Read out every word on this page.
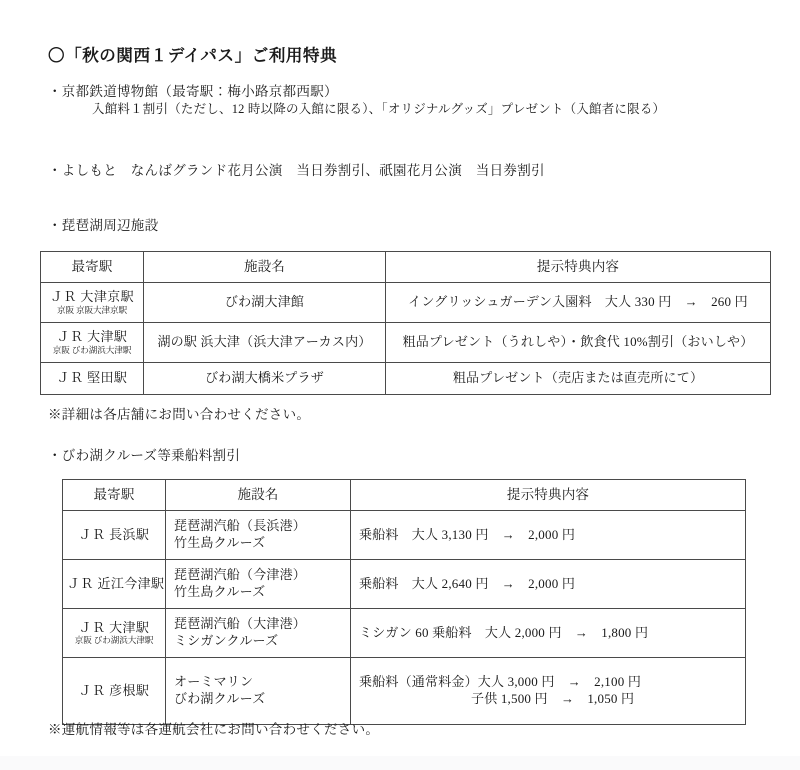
〇「秋の関西１デイパス」ご利用特典
・京都鉄道博物館（最寄駅：梅小路京都西駅）
入館料１割引（ただし、12 時以降の入館に限る）、「オリジナルグッズ」プレゼント（入館者に限る）
・よしもと　なんばグランド花月公演　当日券割引、祇園花月公演　当日券割引
・琵琶湖周辺施設
最寄駅	施設名	提示特典内容

ＪＲ 大津京駅
京阪 京阪大津京駅	びわ湖大津館	イングリッシュガーデン入園料　大人 330 円　→　260 円

ＪＲ 大津駅
京阪 びわ湖浜大津駅	湖の駅 浜大津（浜大津アーカス内）	粗品プレゼント（うれしや）・飲食代 10%割引（おいしや）

ＪＲ 堅田駅	びわ湖大橋米プラザ	粗品プレゼント（売店または直売所にて）
※詳細は各店舗にお問い合わせください。
・びわ湖クルーズ等乗船料割引
最寄駅	施設名	提示特典内容

ＪＲ 長浜駅	琵琶湖汽船（長浜港）
竹生島クルーズ	乗船料　大人 3,130 円　→　2,000 円

ＪＲ 近江今津駅	琵琶湖汽船（今津港）
竹生島クルーズ	乗船料　大人 2,640 円　→　2,000 円

ＪＲ 大津駅
京阪 びわ湖浜大津駅	琵琶湖汽船（大津港）
ミシガンクルーズ	ミシガン 60 乗船料　大人 2,000 円　→　1,800 円

ＪＲ 彦根駅	オーミマリン
びわ湖クルーズ	乗船料（通常料金）大人 3,000 円　→　2,100 円
子供 1,500 円　→　1,050 円
※運航情報等は各運航会社にお問い合わせください。
